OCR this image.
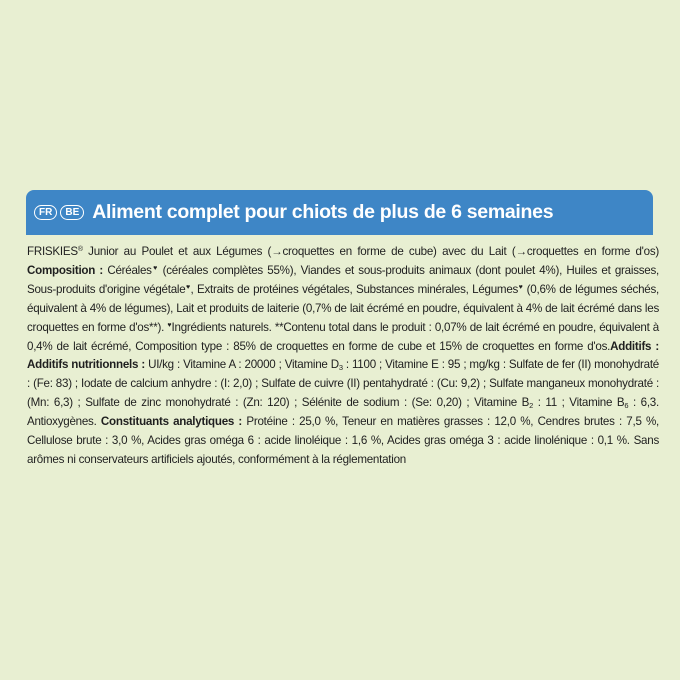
FR	BE Aliment complet pour chiots de plus de 6 semaines
FRISKIES® Junior au Poulet et aux Légumes (→croquettes en forme de cube) avec du Lait (→croquettes en forme d'os) Composition : Céréales♥ (céréales complètes 55%), Viandes et sous-produits animaux (dont poulet 4%), Huiles et graisses, Sous-produits d'origine végétale♥, Extraits de protéines végétales, Substances minérales, Légumes♥ (0,6% de légumes séchés, équivalent à 4% de légumes), Lait et produits de laiterie (0,7% de lait écrémé en poudre, équivalent à 4% de lait écrémé dans les croquettes en forme d'os**). ♥Ingrédients naturels. **Contenu total dans le produit : 0,07% de lait écrémé en poudre, équivalent à 0,4% de lait écrémé, Composition type : 85% de croquettes en forme de cube et 15% de croquettes en forme d'os.Additifs : Additifs nutritionnels : UI/kg : Vitamine A : 20000 ; Vitamine $D_3$ : 1100 ; Vitamine E : 95 ; mg/kg : Sulfate de fer (II) monohydraté : (Fe: 83) ; Iodate de calcium anhydre : (I: 2,0) ; Sulfate de cuivre (II) pentahydraté : (Cu: 9,2) ; Sulfate manganeux monohydraté : (Mn: 6,3) ; Sulfate de zinc monohydraté : (Zn: 120) ; Sélénite de sodium : (Se: 0,20) ; Vitamine $B_2$ : 11 ; Vitamine $B_6$ : 6,3. Antioxygènes. Constituants analytiques : Protéine : 25,0 %, Teneur en matières grasses : 12,0 %, Cendres brutes : 7,5 %, Cellulose brute : 3,0 %, Acides gras oméga 6 : acide linoléique : 1,6 %, Acides gras oméga 3 : acide linolénique : 0,1 %. Sans arômes ni conservateurs artificiels ajoutés, conformément à la réglementation
